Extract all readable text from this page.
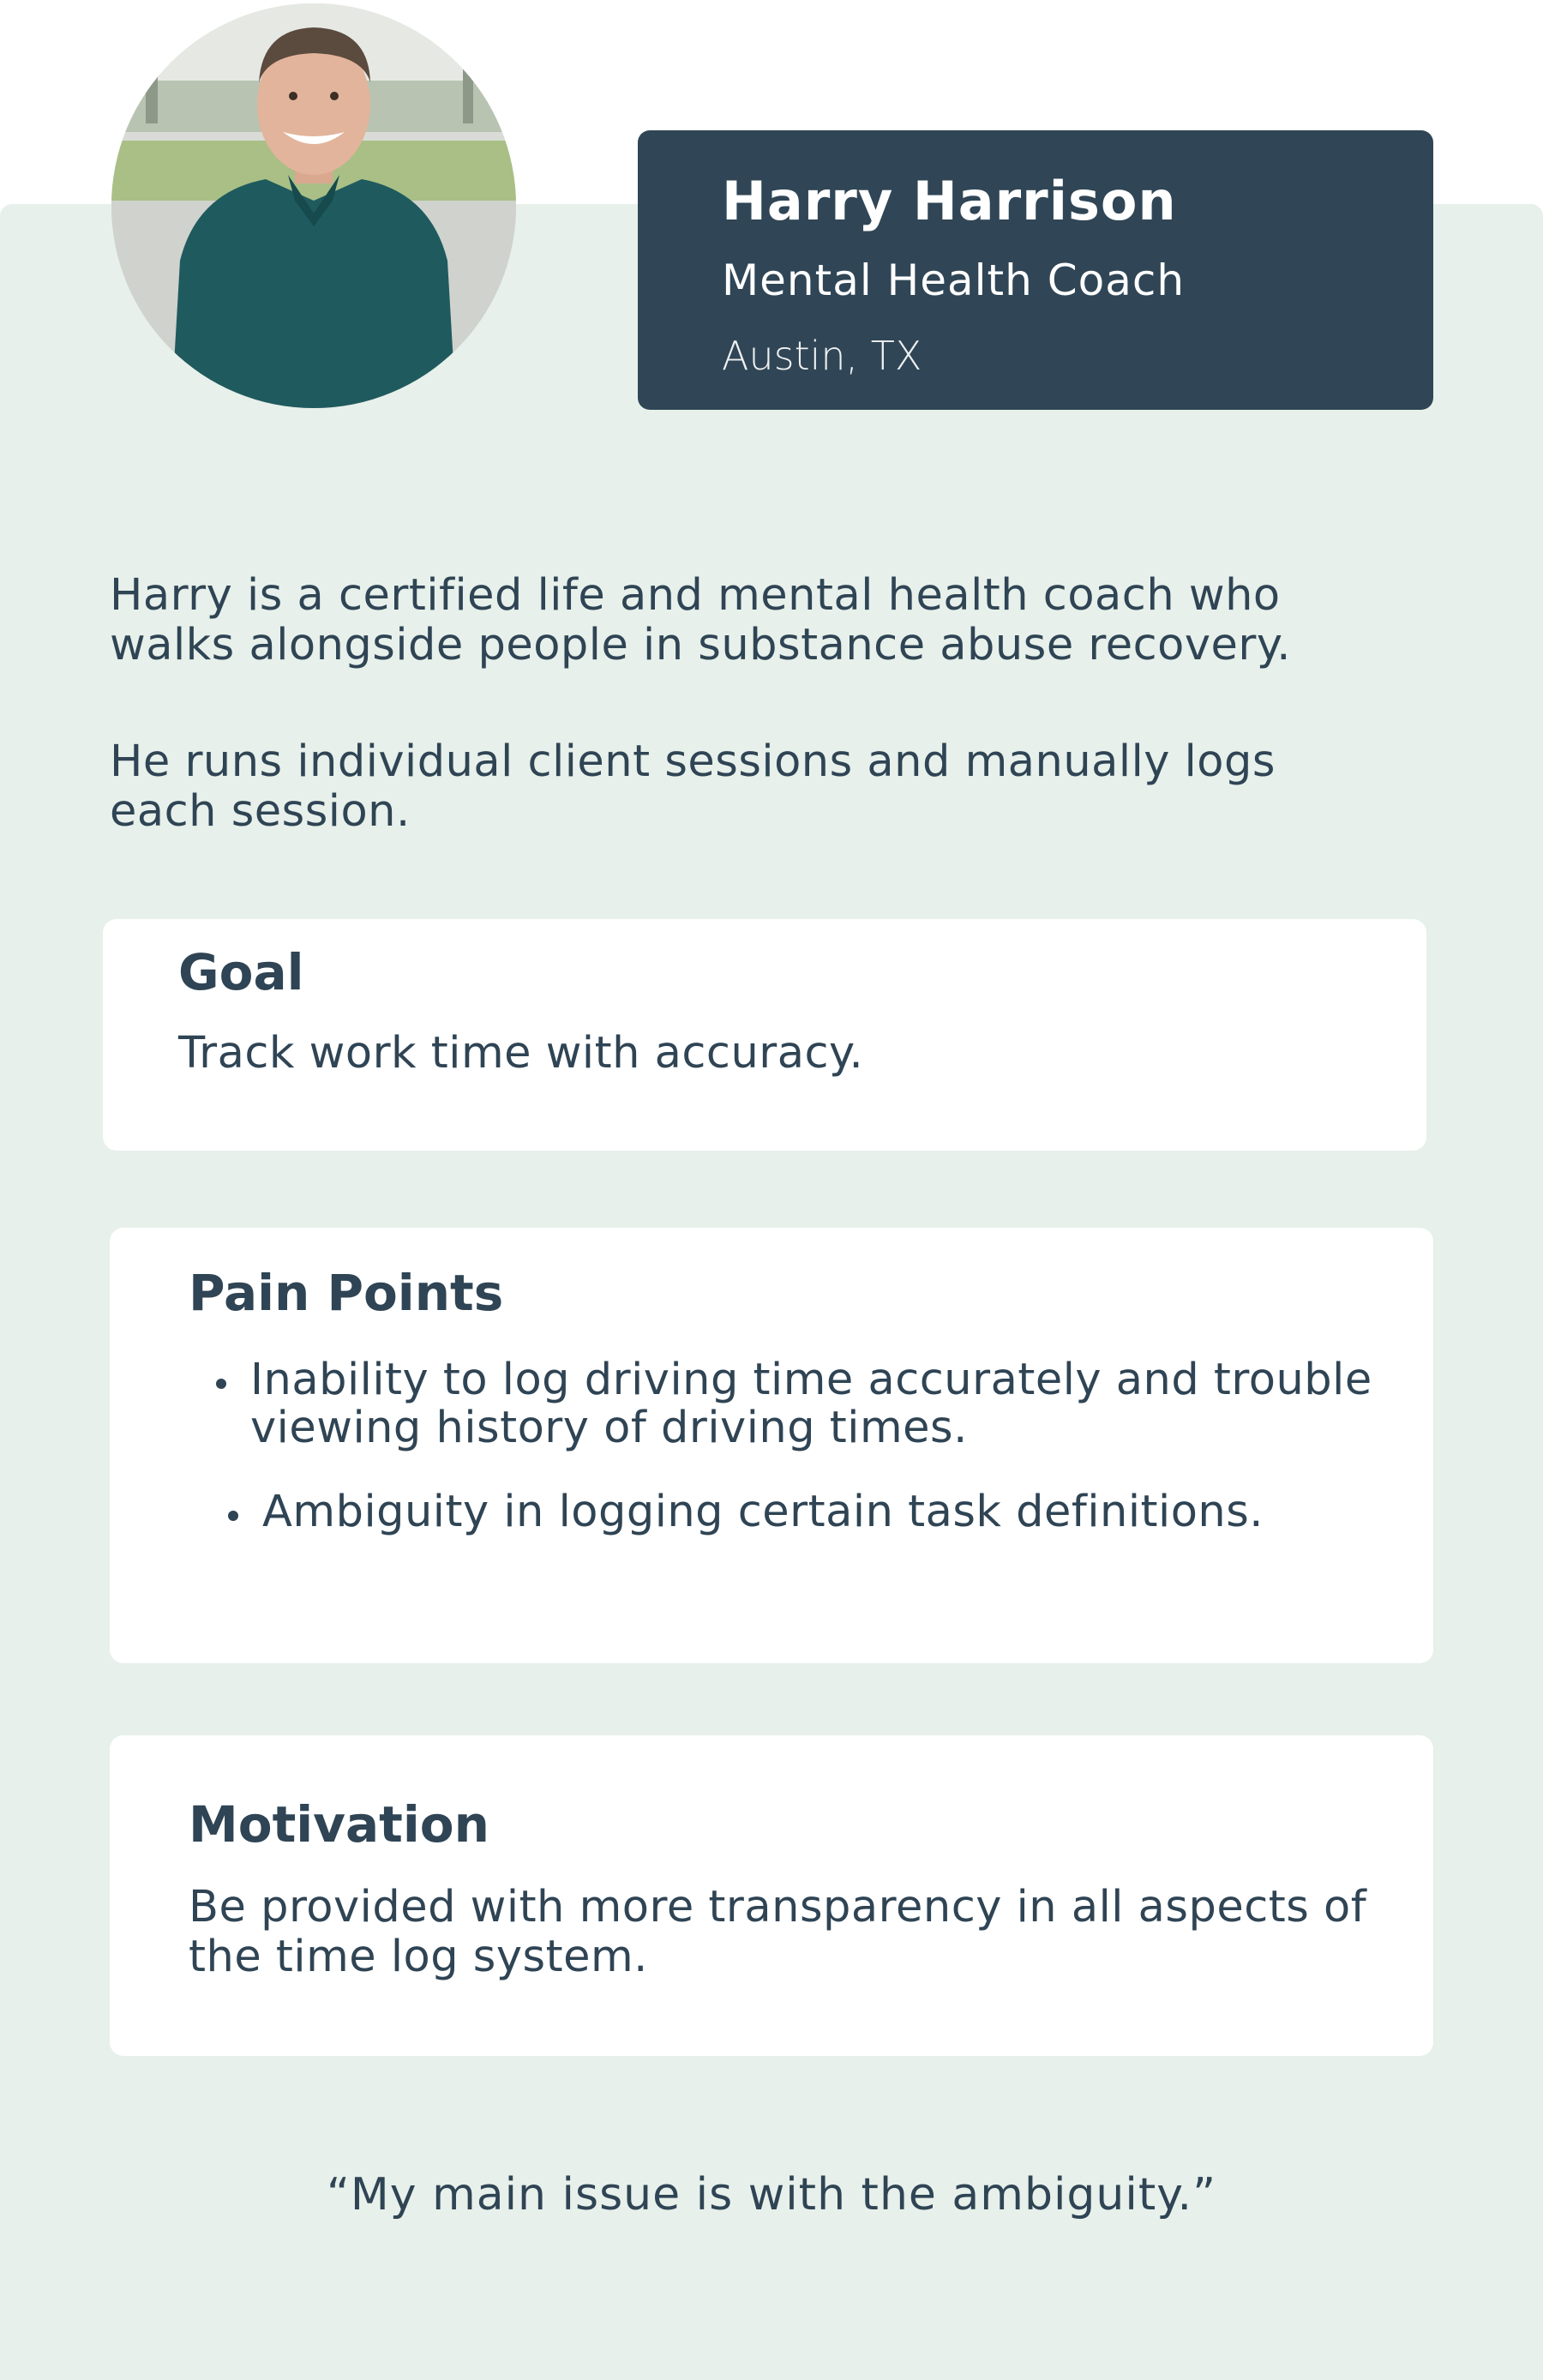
Harry Harrison
Mental Health Coach
Austin, TX

Harry is a certified life and mental health coach who walks alongside people in substance abuse recovery.

He runs individual client sessions and manually logs each session.

Goal

Track work time with accuracy.

Pain Points
Inability to log driving time accurately and trouble viewing history of driving times.
Ambiguity in logging certain task definitions.
Motivation

Be provided with more transparency in all aspects of the time log system.

“My main issue is with the ambiguity.”
